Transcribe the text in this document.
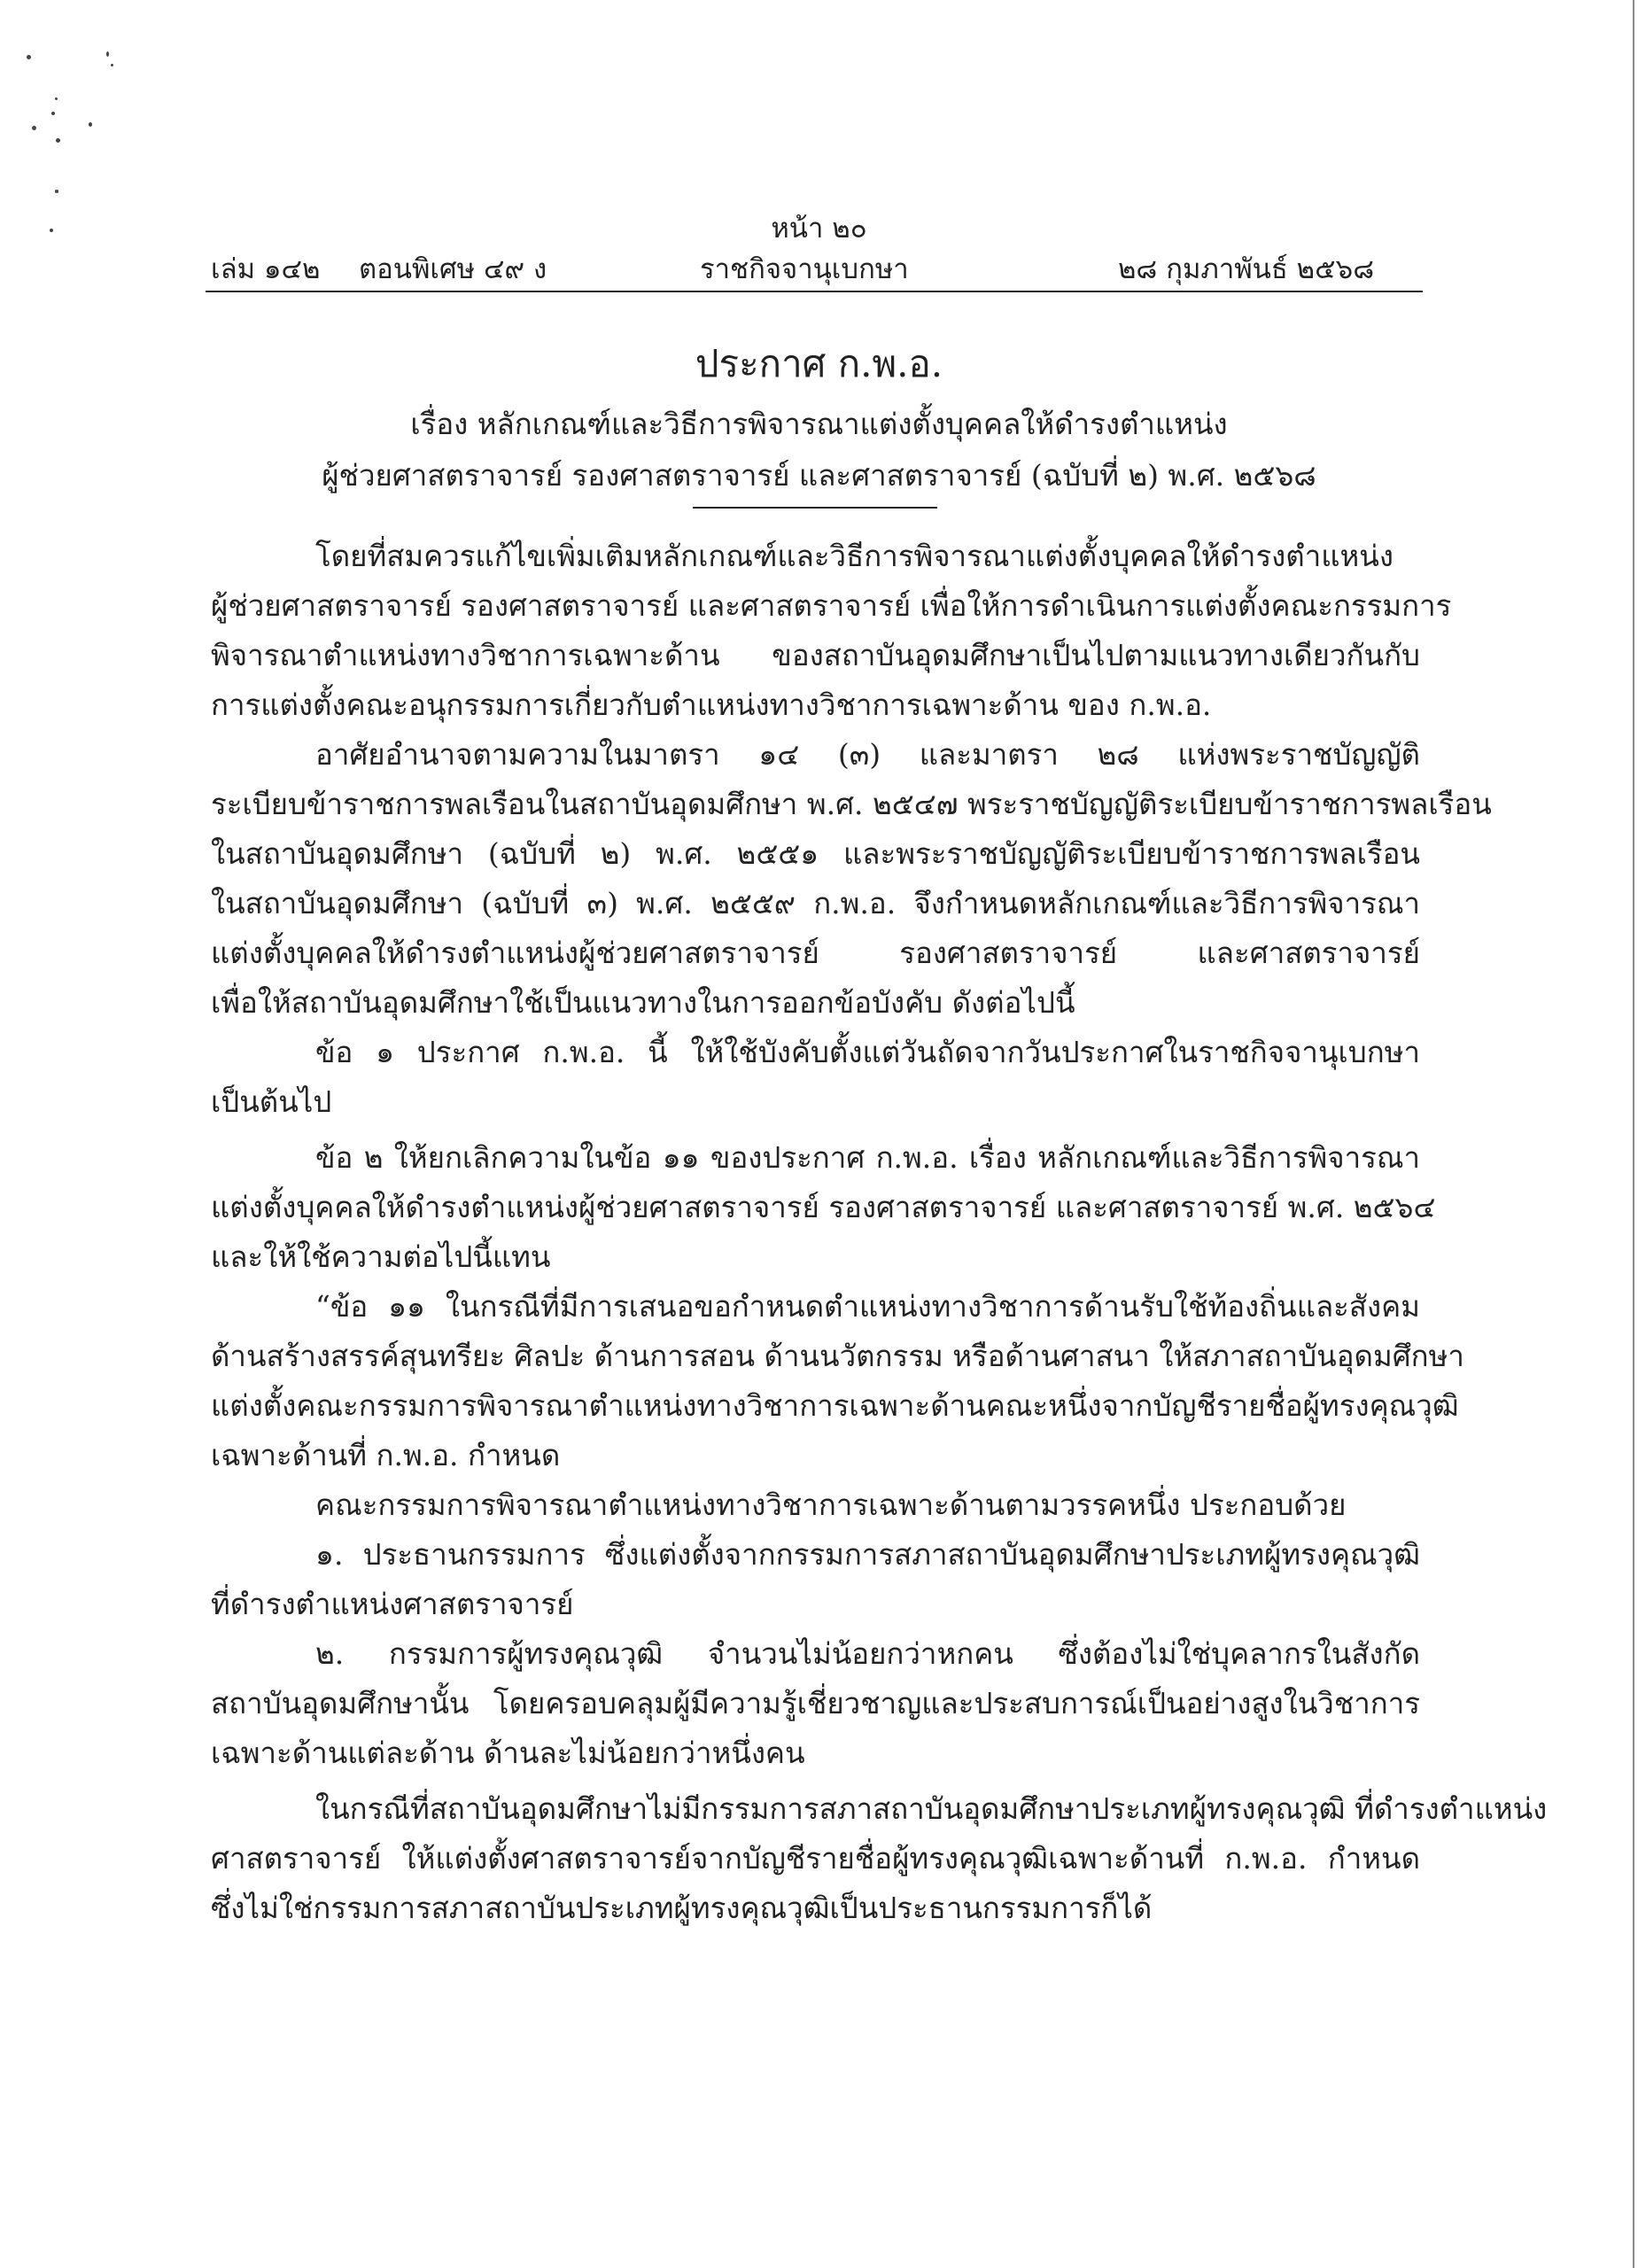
หน้า ๒๐
เล่ม ๑๔๒ ตอนพิเศษ ๔๙ ง	ราชกิจจานุเบกษา	๒๘ กุมภาพันธ์ ๒๕๖๘
ประกาศ ก.พ.อ.
เรื่อง หลักเกณฑ์และวิธีการพิจารณาแต่งตั้งบุคคลให้ดำรงตำแหน่ง
ผู้ช่วยศาสตราจารย์ รองศาสตราจารย์ และศาสตราจารย์ (ฉบับที่ ๒) พ.ศ. ๒๕๖๘
โดยที่สมควรแก้ไขเพิ่มเติมหลักเกณฑ์และวิธีการพิจารณาแต่งตั้งบุคคลให้ดำรงตำแหน่ง
ผู้ช่วยศาสตราจารย์ รองศาสตราจารย์ และศาสตราจารย์ เพื่อให้การดำเนินการแต่งตั้งคณะกรรมการ
พิจารณาตำแหน่งทางวิชาการเฉพาะด้าน ของสถาบันอุดมศึกษาเป็นไปตามแนวทางเดียวกันกับ
การแต่งตั้งคณะอนุกรรมการเกี่ยวกับตำแหน่งทางวิชาการเฉพาะด้าน ของ ก.พ.อ.
อาศัยอำนาจตามความในมาตรา ๑๔ (๓) และมาตรา ๒๘ แห่งพระราชบัญญัติ
ระเบียบข้าราชการพลเรือนในสถาบันอุดมศึกษา พ.ศ. ๒๕๔๗ พระราชบัญญัติระเบียบข้าราชการพลเรือน
ในสถาบันอุดมศึกษา (ฉบับที่ ๒) พ.ศ. ๒๕๕๑ และพระราชบัญญัติระเบียบข้าราชการพลเรือน
ในสถาบันอุดมศึกษา (ฉบับที่ ๓) พ.ศ. ๒๕๕๙ ก.พ.อ. จึงกำหนดหลักเกณฑ์และวิธีการพิจารณา
แต่งตั้งบุคคลให้ดำรงตำแหน่งผู้ช่วยศาสตราจารย์ รองศาสตราจารย์ และศาสตราจารย์
เพื่อให้สถาบันอุดมศึกษาใช้เป็นแนวทางในการออกข้อบังคับ ดังต่อไปนี้
ข้อ ๑ ประกาศ ก.พ.อ. นี้ ให้ใช้บังคับตั้งแต่วันถัดจากวันประกาศในราชกิจจานุเบกษา
เป็นต้นไป
ข้อ ๒ ให้ยกเลิกความในข้อ ๑๑ ของประกาศ ก.พ.อ. เรื่อง หลักเกณฑ์และวิธีการพิจารณา
แต่งตั้งบุคคลให้ดำรงตำแหน่งผู้ช่วยศาสตราจารย์ รองศาสตราจารย์ และศาสตราจารย์ พ.ศ. ๒๕๖๔
และให้ใช้ความต่อไปนี้แทน
“ข้อ ๑๑ ในกรณีที่มีการเสนอขอกำหนดตำแหน่งทางวิชาการด้านรับใช้ท้องถิ่นและสังคม
ด้านสร้างสรรค์สุนทรียะ ศิลปะ ด้านการสอน ด้านนวัตกรรม หรือด้านศาสนา ให้สภาสถาบันอุดมศึกษา
แต่งตั้งคณะกรรมการพิจารณาตำแหน่งทางวิชาการเฉพาะด้านคณะหนึ่งจากบัญชีรายชื่อผู้ทรงคุณวุฒิ
เฉพาะด้านที่ ก.พ.อ. กำหนด
คณะกรรมการพิจารณาตำแหน่งทางวิชาการเฉพาะด้านตามวรรคหนึ่ง ประกอบด้วย
๑. ประธานกรรมการ ซึ่งแต่งตั้งจากกรรมการสภาสถาบันอุดมศึกษาประเภทผู้ทรงคุณวุฒิ
ที่ดำรงตำแหน่งศาสตราจารย์
๒. กรรมการผู้ทรงคุณวุฒิ จำนวนไม่น้อยกว่าหกคน ซึ่งต้องไม่ใช่บุคลากรในสังกัด
สถาบันอุดมศึกษานั้น โดยครอบคลุมผู้มีความรู้เชี่ยวชาญและประสบการณ์เป็นอย่างสูงในวิชาการ
เฉพาะด้านแต่ละด้าน ด้านละไม่น้อยกว่าหนึ่งคน
ในกรณีที่สถาบันอุดมศึกษาไม่มีกรรมการสภาสถาบันอุดมศึกษาประเภทผู้ทรงคุณวุฒิ ที่ดำรงตำแหน่ง
ศาสตราจารย์ ให้แต่งตั้งศาสตราจารย์จากบัญชีรายชื่อผู้ทรงคุณวุฒิเฉพาะด้านที่ ก.พ.อ. กำหนด
ซึ่งไม่ใช่กรรมการสภาสถาบันประเภทผู้ทรงคุณวุฒิเป็นประธานกรรมการก็ได้
